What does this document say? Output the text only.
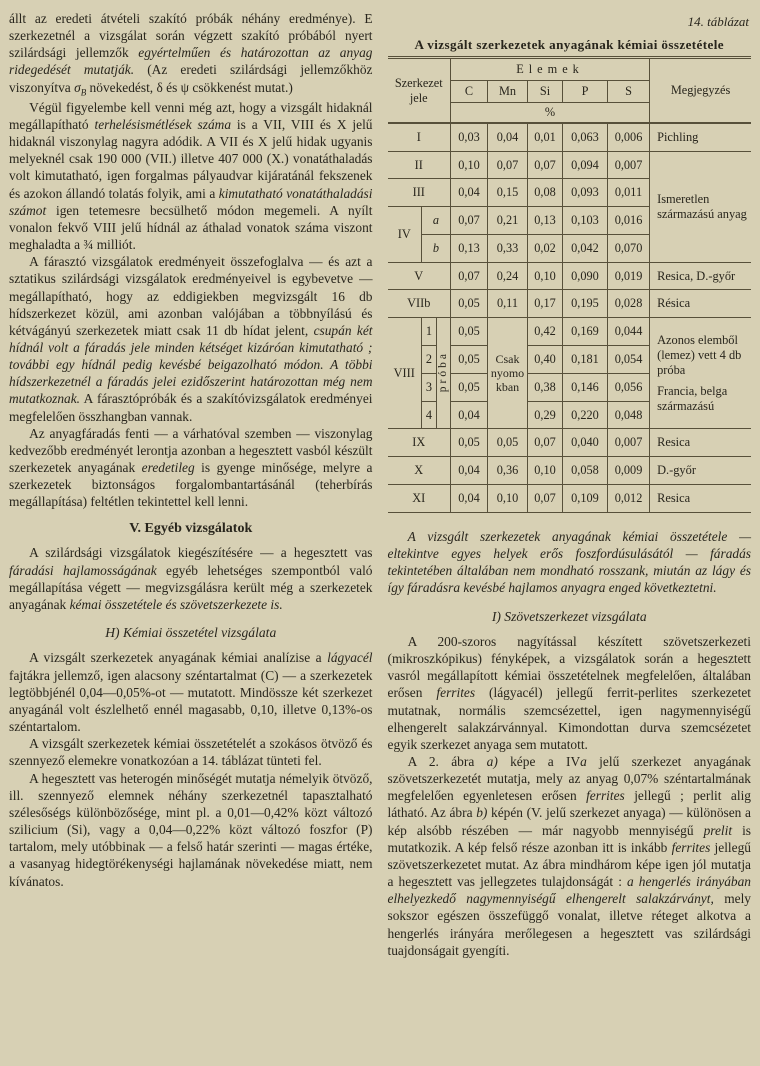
állt az eredeti átvételi szakító próbák néhány eredménye). E szerkezetnél a vizsgálat során végzett szakító próbából nyert szilárdsági jellemzők egyértelműen és határozottan az anyag ridegedését mutatják. (Az eredeti szilárdsági jellemzőkhöz viszonyítva $\sigma_B$ növekedést, δ és ψ csökkenést mutat.)

Végül figyelembe kell venni még azt, hogy a vizsgált hidaknál megállapítható terhelésismétlések száma is a VII, VIII és X jelű hidaknál viszonylag nagyra adódik. A VII és X jelű hidak ugyanis melyeknél csak 190 000 (VII.) illetve 407 000 (X.) vonatáthaladás volt kimutatható, igen forgalmas pályaudvar kijáratánál fekszenek és azokon állandó tolatás folyik, ami a kimutatható vonatáthaladási számot igen tetemesre becsülhető módon megemeli. A nyílt vonalon fekvő VIII jelű hídnál az áthalad vonatok száma viszont meghaladta a ¾ milliót.

A fárasztó vizsgálatok eredményeit összefoglalva — és azt a sztatikus szilárdsági vizsgálatok eredményeivel is egybevetve — megállapítható, hogy az eddigiekben megvizsgált 16 db hídszerkezet közül, ami azonban valójában a többnyílású és kétvágányú szerkezetek miatt csak 11 db hídat jelent, csupán két hídnál volt a fáradás jele minden kétséget kizáróan kimutatható ; további egy hídnál pedig kevésbé beigazolható módon. A többi hídszerkezetnél a fáradás jelei ezidőszerint határozottan még nem mutatkoznak. A fárasztópróbák és a szakítóvizsgálatok eredményei megfelelően összhangban vannak.

Az anyagfáradás fenti — a várhatóval szemben — viszonylag kedvezőbb eredményét lerontja azonban a hegesztett vasból készült szerkezetek anyagának eredetileg is gyenge minősége, melyre a szerkezetek biztonságos forgalombantartásánál (teherbírás megállapítása) feltétlen tekintettel kell lenni.

V. Egyéb vizsgálatok

A szilárdsági vizsgálatok kiegészítésére — a hegesztett vas fáradási hajlamosságának egyéb lehetséges szempontból való megállapítása végett — megvizsgálásra került még a szerkezetek anyagának kémai összetétele és szövetszerkezete is.

H) Kémiai összetétel vizsgálata

A vizsgált szerkezetek anyagának kémiai analízise a lágyacél fajtákra jellemző, igen alacsony széntartalmat (C) — a szerkezetek legtöbbjénél 0,04—0,05%-ot — mutatott. Mindössze két szerkezet anyagánál volt észlelhető ennél magasabb, 0,10, illetve 0,13%-os széntartalom.

A vizsgált szerkezetek kémiai összetételét a szokásos ötvöző és szennyező elemekre vonatkozóan a 14. táblázat tünteti fel.

A hegesztett vas heterogén minőségét mutatja némelyik ötvöző, ill. szennyező elemnek néhány szerkezetnél tapasztalható szélesőségs különbözősége, mint pl. a 0,01—0,42% közt változó szilicium (Si), vagy a 0,04—0,22% közt változó foszfor (P) tartalom, mely utóbbinak — a felső határ szerinti — magas értéke, a vasanyag hidegtörékenységi hajlamának növekedése miatt, nem kívánatos.

14. táblázat
A vizsgált szerkezetek anyagának kémiai összetétele
Szerkezet jele			Elemek					Megjegyzés
			C	Mn	Si	P	S	
			%					
I			0,03	0,04	0,01	0,063	0,006	Pichling
II			0,10	0,07	0,07	0,094	0,007	Ismeretlen származású anyag
III			0,04	0,15	0,08	0,093	0,011	
IV	a		0,07	0,21	0,13	0,103	0,016	
	b		0,13	0,33	0,02	0,042	0,070	
V			0,07	0,24	0,10	0,090	0,019	Resica, D.-győr
VIIb			0,05	0,11	0,17	0,195	0,028	Résica
VIII	1	próba	0,05	Csak nyomokban	0,42	0,169	0,044	Azonos elemből (lemez) vett 4 db próba
Francia, belga származású

	2		0,05		0,40	0,181	0,054	
	3		0,05		0,38	0,146	0,056	
	4		0,04		0,29	0,220	0,048	
IX			0,05	0,05	0,07	0,040	0,007	Resica
X			0,04	0,36	0,10	0,058	0,009	D.-győr
XI			0,04	0,10	0,07	0,109	0,012	Resica

A vizsgált szerkezetek anyagának kémiai összetétele — eltekintve egyes helyek erős foszfordúsulásától — fáradás tekintetében általában nem mondható rosszank, miután az lágy és így fáradásra kevésbé hajlamos anyagra enged következtetni.

I) Szövetszerkezet vizsgálata

A 200-szoros nagyítással készített szövetszerkezeti (mikroszkópikus) fényképek, a vizsgálatok során a hegesztett vasról megállapított kémiai összetételnek megfelelően, általában erősen ferrites (lágyacél) jellegű ferrit-perlites szerkezetet mutatnak, normális szemcsézettel, igen nagymennyiségű elhengerelt salakzárvánnyal. Kimondottan durva szemcsézetet egyik szerkezet anyaga sem mutatott.

A 2. ábra a) képe a IVa jelű szerkezet anyagának szövetszerkezetét mutatja, mely az anyag 0,07% széntartalmának megfelelően egyenletesen erősen ferrites jellegű ; perlit alig látható. Az ábra b) képén (V. jelű szerkezet anyaga) — különösen a kép alsóbb részében — már nagyobb mennyiségű prelit is mutatkozik. A kép felső része azonban itt is inkább ferrites jellegű szövetszerkezetet mutat. Az ábra mindhárom képe igen jól mutatja a hegesztett vas jellegzetes tulajdonságát : a hengerlés irányában elhelyezkedő nagymennyiségű elhengerelt salakzárványt, mely sokszor egészen összefüggő vonalat, illetve réteget alkotva a hengerlés irányára merőlegesen a hegesztett vas szilárdsági tuajdonságait gyengíti.
